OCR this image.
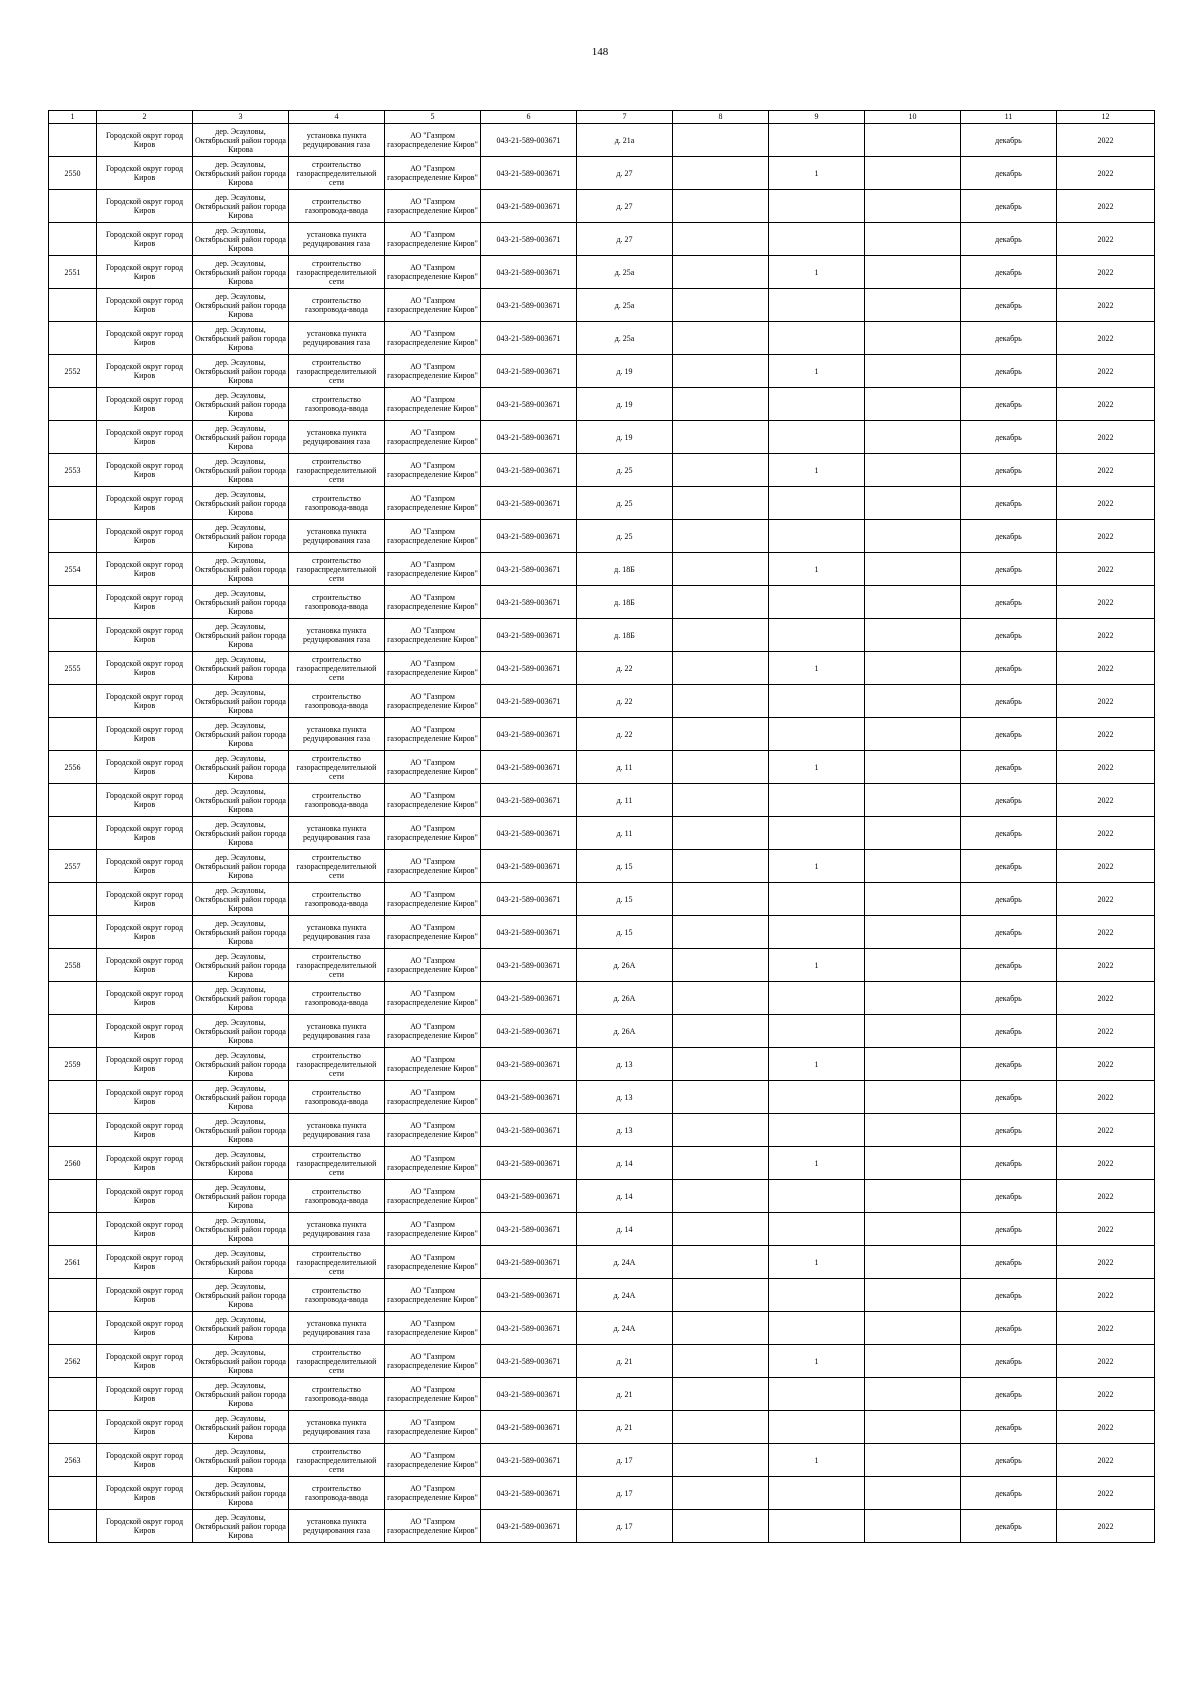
148
1	2	3	4	5	6	7	8	9	10	11	12

	Городской округ город Киров	дер. Эсауловы, Октябрьский район города Кирова	установка пункта редуцирования газа	АО "Газпром газораспределение Киров"	043-21-589-003671	д. 21а				декабрь	2022

2550	Городской округ город Киров	дер. Эсауловы, Октябрьский район города Кирова	строительство газораспределительной сети	АО "Газпром газораспределение Киров"	043-21-589-003671	д. 27		1		декабрь	2022

	Городской округ город Киров	дер. Эсауловы, Октябрьский район города Кирова	строительство газопровода-ввода	АО "Газпром газораспределение Киров"	043-21-589-003671	д. 27				декабрь	2022

	Городской округ город Киров	дер. Эсауловы, Октябрьский район города Кирова	установка пункта редуцирования газа	АО "Газпром газораспределение Киров"	043-21-589-003671	д. 27				декабрь	2022

2551	Городской округ город Киров	дер. Эсауловы, Октябрьский район города Кирова	строительство газораспределительной сети	АО "Газпром газораспределение Киров"	043-21-589-003671	д. 25а		1		декабрь	2022

	Городской округ город Киров	дер. Эсауловы, Октябрьский район города Кирова	строительство газопровода-ввода	АО "Газпром газораспределение Киров"	043-21-589-003671	д. 25а				декабрь	2022

	Городской округ город Киров	дер. Эсауловы, Октябрьский район города Кирова	установка пункта редуцирования газа	АО "Газпром газораспределение Киров"	043-21-589-003671	д. 25а				декабрь	2022

2552	Городской округ город Киров	дер. Эсауловы, Октябрьский район города Кирова	строительство газораспределительной сети	АО "Газпром газораспределение Киров"	043-21-589-003671	д. 19		1		декабрь	2022

	Городской округ город Киров	дер. Эсауловы, Октябрьский район города Кирова	строительство газопровода-ввода	АО "Газпром газораспределение Киров"	043-21-589-003671	д. 19				декабрь	2022

	Городской округ город Киров	дер. Эсауловы, Октябрьский район города Кирова	установка пункта редуцирования газа	АО "Газпром газораспределение Киров"	043-21-589-003671	д. 19				декабрь	2022

2553	Городской округ город Киров	дер. Эсауловы, Октябрьский район города Кирова	строительство газораспределительной сети	АО "Газпром газораспределение Киров"	043-21-589-003671	д. 25		1		декабрь	2022

	Городской округ город Киров	дер. Эсауловы, Октябрьский район города Кирова	строительство газопровода-ввода	АО "Газпром газораспределение Киров"	043-21-589-003671	д. 25				декабрь	2022

	Городской округ город Киров	дер. Эсауловы, Октябрьский район города Кирова	установка пункта редуцирования газа	АО "Газпром газораспределение Киров"	043-21-589-003671	д. 25				декабрь	2022

2554	Городской округ город Киров	дер. Эсауловы, Октябрьский район города Кирова	строительство газораспределительной сети	АО "Газпром газораспределение Киров"	043-21-589-003671	д. 18Б		1		декабрь	2022

	Городской округ город Киров	дер. Эсауловы, Октябрьский район города Кирова	строительство газопровода-ввода	АО "Газпром газораспределение Киров"	043-21-589-003671	д. 18Б				декабрь	2022

	Городской округ город Киров	дер. Эсауловы, Октябрьский район города Кирова	установка пункта редуцирования газа	АО "Газпром газораспределение Киров"	043-21-589-003671	д. 18Б				декабрь	2022

2555	Городской округ город Киров	дер. Эсауловы, Октябрьский район города Кирова	строительство газораспределительной сети	АО "Газпром газораспределение Киров"	043-21-589-003671	д. 22		1		декабрь	2022

	Городской округ город Киров	дер. Эсауловы, Октябрьский район города Кирова	строительство газопровода-ввода	АО "Газпром газораспределение Киров"	043-21-589-003671	д. 22				декабрь	2022

	Городской округ город Киров	дер. Эсауловы, Октябрьский район города Кирова	установка пункта редуцирования газа	АО "Газпром газораспределение Киров"	043-21-589-003671	д. 22				декабрь	2022

2556	Городской округ город Киров	дер. Эсауловы, Октябрьский район города Кирова	строительство газораспределительной сети	АО "Газпром газораспределение Киров"	043-21-589-003671	д. 11		1		декабрь	2022

	Городской округ город Киров	дер. Эсауловы, Октябрьский район города Кирова	строительство газопровода-ввода	АО "Газпром газораспределение Киров"	043-21-589-003671	д. 11				декабрь	2022

	Городской округ город Киров	дер. Эсауловы, Октябрьский район города Кирова	установка пункта редуцирования газа	АО "Газпром газораспределение Киров"	043-21-589-003671	д. 11				декабрь	2022

2557	Городской округ город Киров	дер. Эсауловы, Октябрьский район города Кирова	строительство газораспределительной сети	АО "Газпром газораспределение Киров"	043-21-589-003671	д. 15		1		декабрь	2022

	Городской округ город Киров	дер. Эсауловы, Октябрьский район города Кирова	строительство газопровода-ввода	АО "Газпром газораспределение Киров"	043-21-589-003671	д. 15				декабрь	2022

	Городской округ город Киров	дер. Эсауловы, Октябрьский район города Кирова	установка пункта редуцирования газа	АО "Газпром газораспределение Киров"	043-21-589-003671	д. 15				декабрь	2022

2558	Городской округ город Киров	дер. Эсауловы, Октябрьский район города Кирова	строительство газораспределительной сети	АО "Газпром газораспределение Киров"	043-21-589-003671	д. 26А		1		декабрь	2022

	Городской округ город Киров	дер. Эсауловы, Октябрьский район города Кирова	строительство газопровода-ввода	АО "Газпром газораспределение Киров"	043-21-589-003671	д. 26А				декабрь	2022

	Городской округ город Киров	дер. Эсауловы, Октябрьский район города Кирова	установка пункта редуцирования газа	АО "Газпром газораспределение Киров"	043-21-589-003671	д. 26А				декабрь	2022

2559	Городской округ город Киров	дер. Эсауловы, Октябрьский район города Кирова	строительство газораспределительной сети	АО "Газпром газораспределение Киров"	043-21-589-003671	д. 13		1		декабрь	2022

	Городской округ город Киров	дер. Эсауловы, Октябрьский район города Кирова	строительство газопровода-ввода	АО "Газпром газораспределение Киров"	043-21-589-003671	д. 13				декабрь	2022

	Городской округ город Киров	дер. Эсауловы, Октябрьский район города Кирова	установка пункта редуцирования газа	АО "Газпром газораспределение Киров"	043-21-589-003671	д. 13				декабрь	2022

2560	Городской округ город Киров	дер. Эсауловы, Октябрьский район города Кирова	строительство газораспределительной сети	АО "Газпром газораспределение Киров"	043-21-589-003671	д. 14		1		декабрь	2022

	Городской округ город Киров	дер. Эсауловы, Октябрьский район города Кирова	строительство газопровода-ввода	АО "Газпром газораспределение Киров"	043-21-589-003671	д. 14				декабрь	2022

	Городской округ город Киров	дер. Эсауловы, Октябрьский район города Кирова	установка пункта редуцирования газа	АО "Газпром газораспределение Киров"	043-21-589-003671	д. 14				декабрь	2022

2561	Городской округ город Киров	дер. Эсауловы, Октябрьский район города Кирова	строительство газораспределительной сети	АО "Газпром газораспределение Киров"	043-21-589-003671	д. 24А		1		декабрь	2022

	Городской округ город Киров	дер. Эсауловы, Октябрьский район города Кирова	строительство газопровода-ввода	АО "Газпром газораспределение Киров"	043-21-589-003671	д. 24А				декабрь	2022

	Городской округ город Киров	дер. Эсауловы, Октябрьский район города Кирова	установка пункта редуцирования газа	АО "Газпром газораспределение Киров"	043-21-589-003671	д. 24А				декабрь	2022

2562	Городской округ город Киров	дер. Эсауловы, Октябрьский район города Кирова	строительство газораспределительной сети	АО "Газпром газораспределение Киров"	043-21-589-003671	д. 21		1		декабрь	2022

	Городской округ город Киров	дер. Эсауловы, Октябрьский район города Кирова	строительство газопровода-ввода	АО "Газпром газораспределение Киров"	043-21-589-003671	д. 21				декабрь	2022

	Городской округ город Киров	дер. Эсауловы, Октябрьский район города Кирова	установка пункта редуцирования газа	АО "Газпром газораспределение Киров"	043-21-589-003671	д. 21				декабрь	2022

2563	Городской округ город Киров	дер. Эсауловы, Октябрьский район города Кирова	строительство газораспределительной сети	АО "Газпром газораспределение Киров"	043-21-589-003671	д. 17		1		декабрь	2022

	Городской округ город Киров	дер. Эсауловы, Октябрьский район города Кирова	строительство газопровода-ввода	АО "Газпром газораспределение Киров"	043-21-589-003671	д. 17				декабрь	2022

	Городской округ город Киров	дер. Эсауловы, Октябрьский район города Кирова	установка пункта редуцирования газа	АО "Газпром газораспределение Киров"	043-21-589-003671	д. 17				декабрь	2022
